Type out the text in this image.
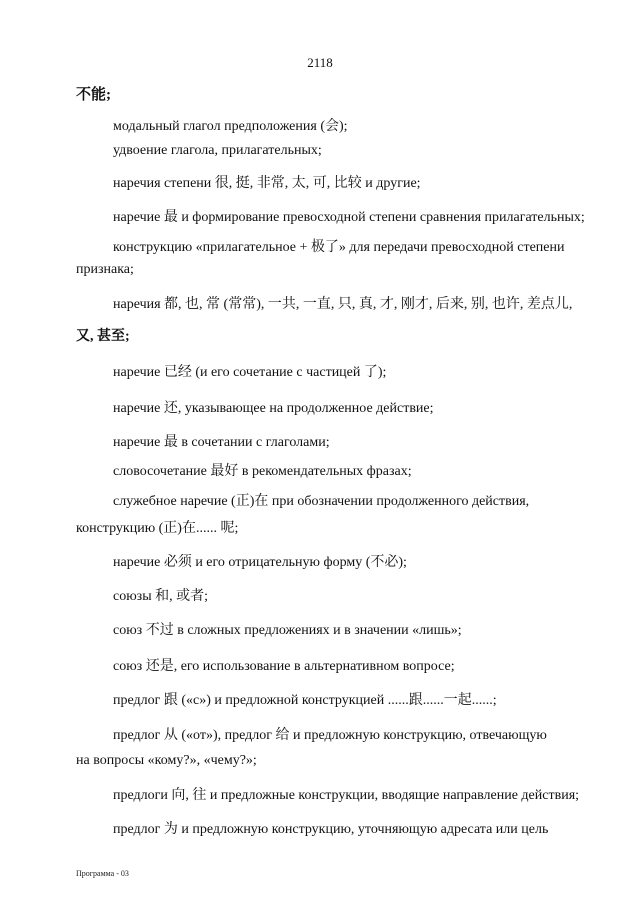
2118
不能;
модальный глагол предположения (会);
удвоение глагола, прилагательных;
наречия степени 很, 挺, 非常, 太, 可, 比较 и другие;
наречие 最 и формирование превосходной степени сравнения прилагательных;
конструкцию «прилагательное + 极了» для передачи превосходной степени
признака;
наречия 都, 也, 常 (常常), 一共, 一直, 只, 真, 才, 刚才, 后来, 别, 也许, 差点儿,
又, 甚至;
наречие 已经 (и его сочетание с частицей 了);
наречие 还, указывающее на продолженное действие;
наречие 最 в сочетании с глаголами;
словосочетание 最好 в рекомендательных фразах;
служебное наречие (正)在 при обозначении продолженного действия,
конструкцию (正)在...... 呢;
наречие 必须 и его отрицательную форму (不必);
союзы 和, 或者;
союз 不过 в сложных предложениях и в значении «лишь»;
союз 还是, его использование в альтернативном вопросе;
предлог 跟 («с») и предложной конструкцией ......跟......一起......;
предлог 从 («от»), предлог 给 и предложную конструкцию, отвечающую
на вопросы «кому?», «чему?»;
предлоги 向, 往 и предложные конструкции, вводящие направление действия;
предлог 为 и предложную конструкцию, уточняющую адресата или цель
Программа - 03
